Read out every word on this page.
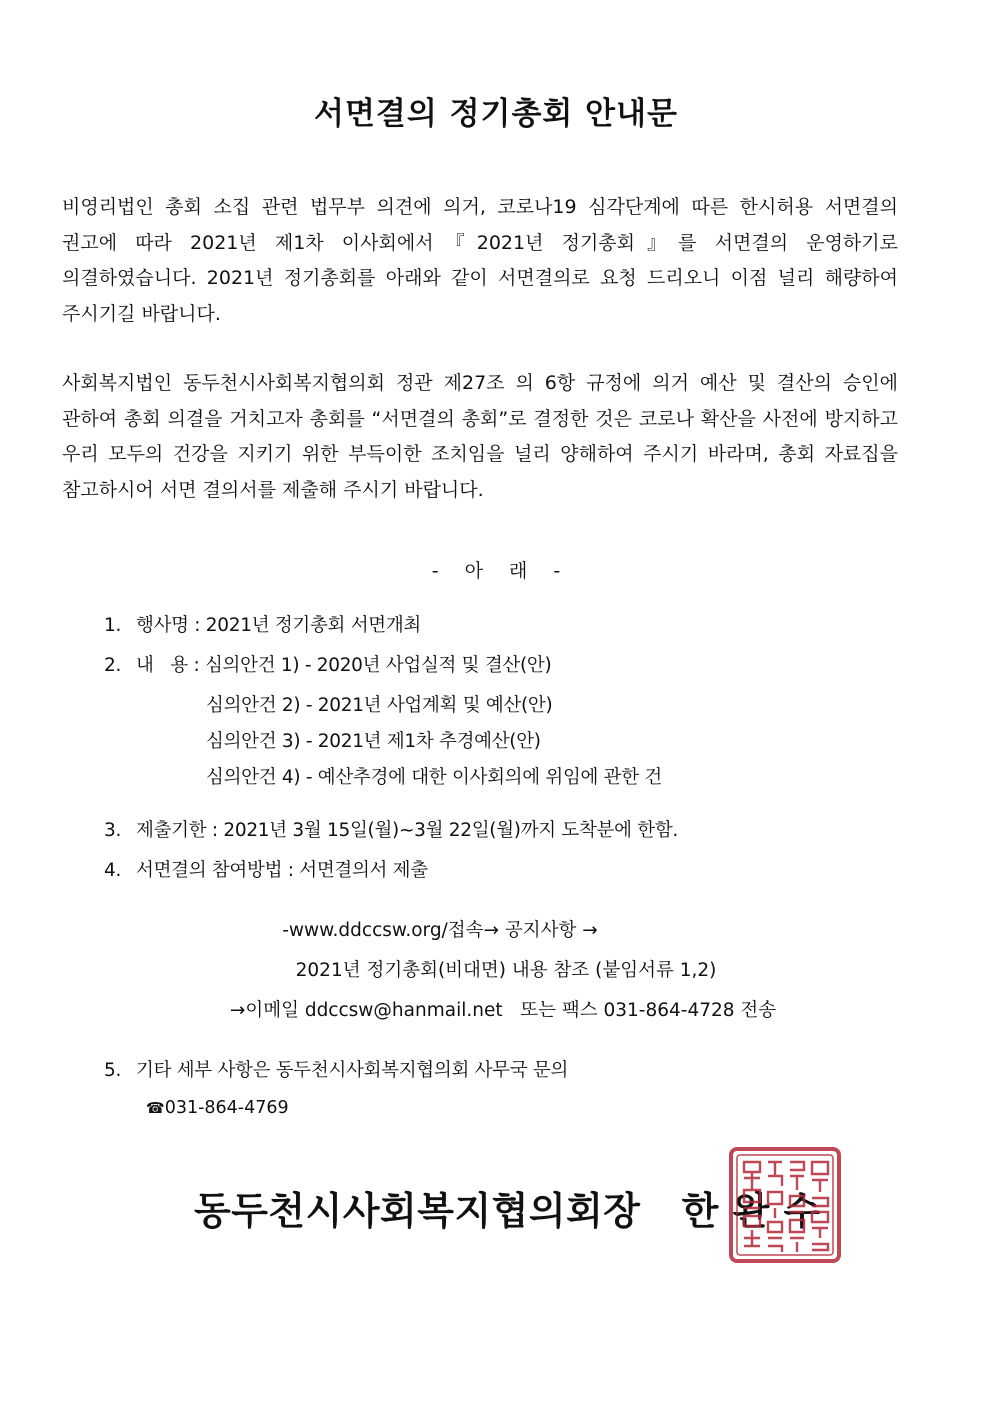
서면결의 정기총회 안내문
비영리법인 총회 소집 관련 법무부 의견에 의거, 코로나19 심각단계에 따른 한시허용 서면결의 권고에 따라 2021년 제1차 이사회에서『2021년 정기총회』를 서면결의 운영하기로 의결하였습니다. 2021년 정기총회를 아래와 같이 서면결의로 요청 드리오니 이점 널리 해량하여 주시기길 바랍니다.
사회복지법인 동두천시사회복지협의회 정관 제27조 의 6항 규정에 의거 예산 및 결산의 승인에 관하여 총회 의결을 거치고자 총회를 “서면결의 총회”로 결정한 것은 코로나 확산을 사전에 방지하고 우리 모두의 건강을 지키기 위한 부득이한 조치임을 널리 양해하여 주시기 바라며, 총회 자료집을 참고하시어 서면 결의서를 제출해 주시기 바랍니다.
- 아 래 -
1. 행사명 : 2021년 정기총회 서면개최
2. 내   용 : 심의안건 1) - 2020년 사업실적 및 결산(안)
심의안건 2) - 2021년 사업계획 및 예산(안)
심의안건 3) - 2021년 제1차 추경예산(안)
심의안건 4) - 예산추경에 대한 이사회의에 위임에 관한 건
3. 제출기한 : 2021년 3월 15일(월)~3월 22일(월)까지 도착분에 한함.
4. 서면결의 참여방법 : 서면결의서 제출
-www.ddccsw.org/접속→ 공지사항 →
2021년 정기총회(비대면) 내용 참조 (붙임서류 1,2)
→이메일 ddccsw@hanmail.net   또는 팩스 031-864-4728 전송
5. 기타 세부 사항은 동두천시사회복지협의회 사무국 문의
☎031-864-4769
동두천시사회복지협의회장   한 완 수
